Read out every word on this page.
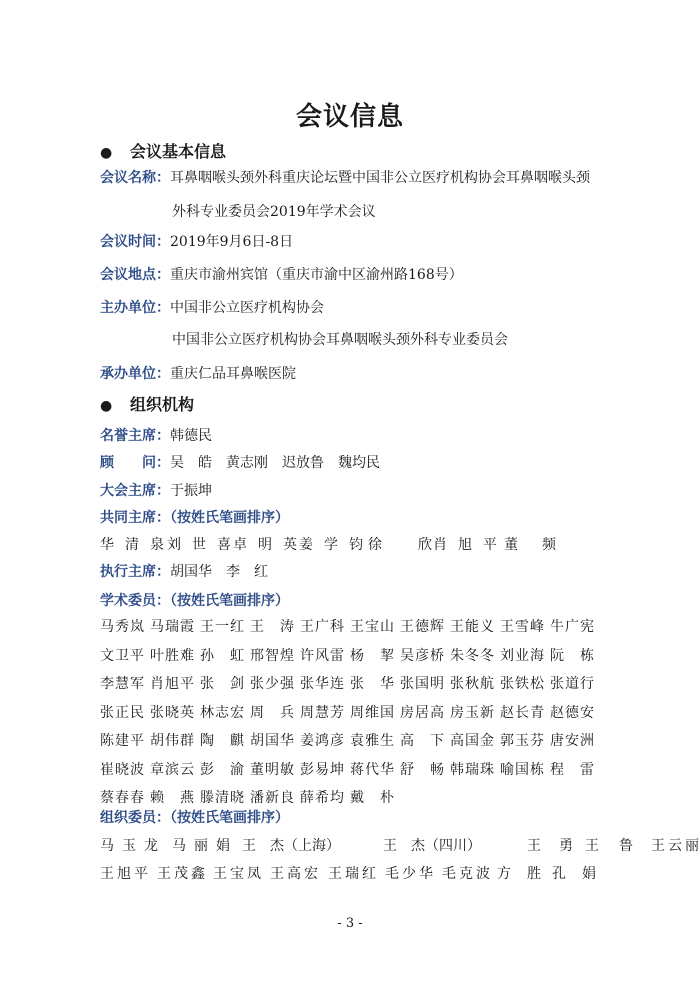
会议信息
● 会议基本信息
会议名称：耳鼻咽喉头颈外科重庆论坛暨中国非公立医疗机构协会耳鼻咽喉头颈
外科专业委员会2019年学术会议
会议时间：2019年9月6日-8日
会议地点：重庆市渝州宾馆（重庆市渝中区渝州路168号）
主办单位：中国非公立医疗机构协会
中国非公立医疗机构协会耳鼻咽喉头颈外科专业委员会
承办单位：重庆仁品耳鼻喉医院
● 组织机构
名誉主席：韩德民
顾　　问：吴　皓　黄志刚　迟放鲁　魏均民
大会主席：于振坤
共同主席：（按姓氏笔画排序）
华清泉 刘世喜 卓明英 姜学钧 徐欣 肖旭平 董频
执行主席：胡国华　李　红
学术委员：（按姓氏笔画排序）
马秀岚 马瑞霞 王一红 王涛 王广科 王宝山 王德辉 王能义 王雪峰 牛广宪
文卫平 叶胜难 孙虹 邢智煌 许风雷 杨挈 吴彦桥 朱冬冬 刘业海 阮栋
李慧军 肖旭平 张剑 张少强 张华连 张华 张国明 张秋航 张铁松 张道行
张正民 张晓英 林志宏 周兵 周慧芳 周维国 房居高 房玉新 赵长青 赵德安
陈建平 胡伟群 陶麒 胡国华 姜鸿彦 袁雅生 高下 高国金 郭玉芬 唐安洲
崔晓波 章滨云 彭渝 董明敏 彭易坤 蒋代华 舒畅 韩瑞珠 喻国栋 程雷
蔡春春 赖燕 滕清晓 潘新良 薛希均 戴朴
组织委员：（按姓氏笔画排序）
马玉龙 马丽娟 王　杰（上海）	王　杰（四川）	王勇 王鲁 王云丽
王旭平 王茂鑫 王宝凤 王高宏 王瑞红 毛少华 毛克波 方胜 孔娟
- 3 -
